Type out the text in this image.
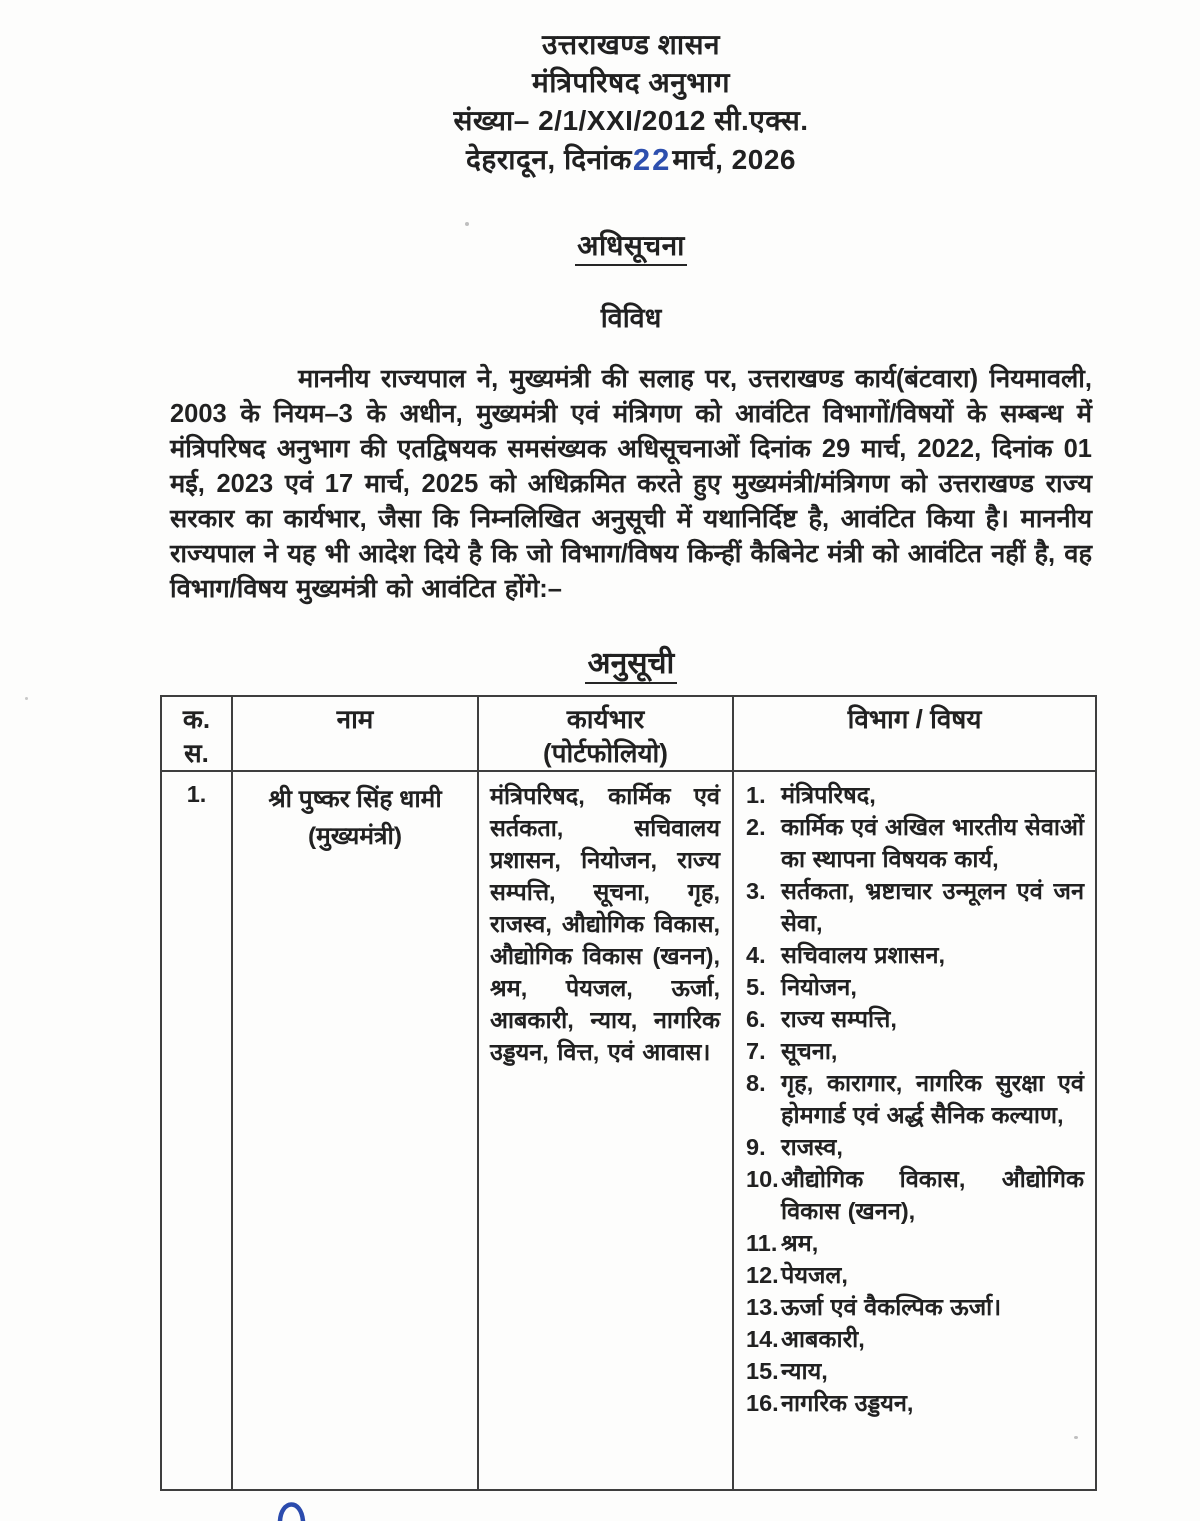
उत्तराखण्ड शासन
मंत्रिपरिषद अनुभाग
संख्या– 2/1/XXI/2012 सी.एक्स.
देहरादून, दिनांक22मार्च, 2026
अधिसूचना
विविध
माननीय राज्यपाल ने, मुख्यमंत्री की सलाह पर, उत्तराखण्ड कार्य(बंटवारा) नियमावली, 2003 के नियम–3 के अधीन, मुख्यमंत्री एवं मंत्रिगण को आवंटित विभागों/विषयों के सम्बन्ध में मंत्रिपरिषद अनुभाग की एतद्विषयक समसंख्यक अधिसूचनाओं दिनांक 29 मार्च, 2022, दिनांक 01 मई, 2023 एवं 17 मार्च, 2025 को अधिक्रमित करते हुए मुख्यमंत्री/मंत्रिगण को उत्तराखण्ड राज्य सरकार का कार्यभार, जैसा कि निम्नलिखित अनुसूची में यथानिर्दिष्ट है, आवंटित किया है। माननीय राज्यपाल ने यह भी आदेश दिये है कि जो विभाग/विषय किन्हीं कैबिनेट मंत्री को आवंटित नहीं है, वह विभाग/विषय मुख्यमंत्री को आवंटित होंगे:–
अनुसूची
क.
स.
नाम	कार्यभार
(पोर्टफोलियो)
विभाग / विषय
1.	श्री पुष्कर सिंह धामी
(मुख्यमंत्री)
मंत्रिपरिषद, कार्मिक एवं सर्तकता, सचिवालय प्रशासन, नियोजन, राज्य सम्पत्ति, सूचना, गृह, राजस्व, औद्योगिक विकास, औद्योगिक विकास (खनन), श्रम, पेयजल, ऊर्जा, आबकारी, न्याय, नागरिक उड्डयन, वित्त, एवं आवास।
1. मंत्रिपरिषद,
2. कार्मिक एवं अखिल भारतीय सेवाओं का स्थापना विषयक कार्य,
3. सर्तकता, भ्रष्टाचार उन्मूलन एवं जन सेवा,
4. सचिवालय प्रशासन,
5. नियोजन,
6. राज्य सम्पत्ति,
7. सूचना,
8. गृह, कारागार, नागरिक सुरक्षा एवं होमगार्ड एवं अर्द्ध सैनिक कल्याण,
9. राजस्व,
10. औद्योगिक विकास, औद्योगिक विकास (खनन),
11. श्रम,
12. पेयजल,
13. ऊर्जा एवं वैकल्पिक ऊर्जा।
14. आबकारी,
15. न्याय,
16. नागरिक उड्डयन,
